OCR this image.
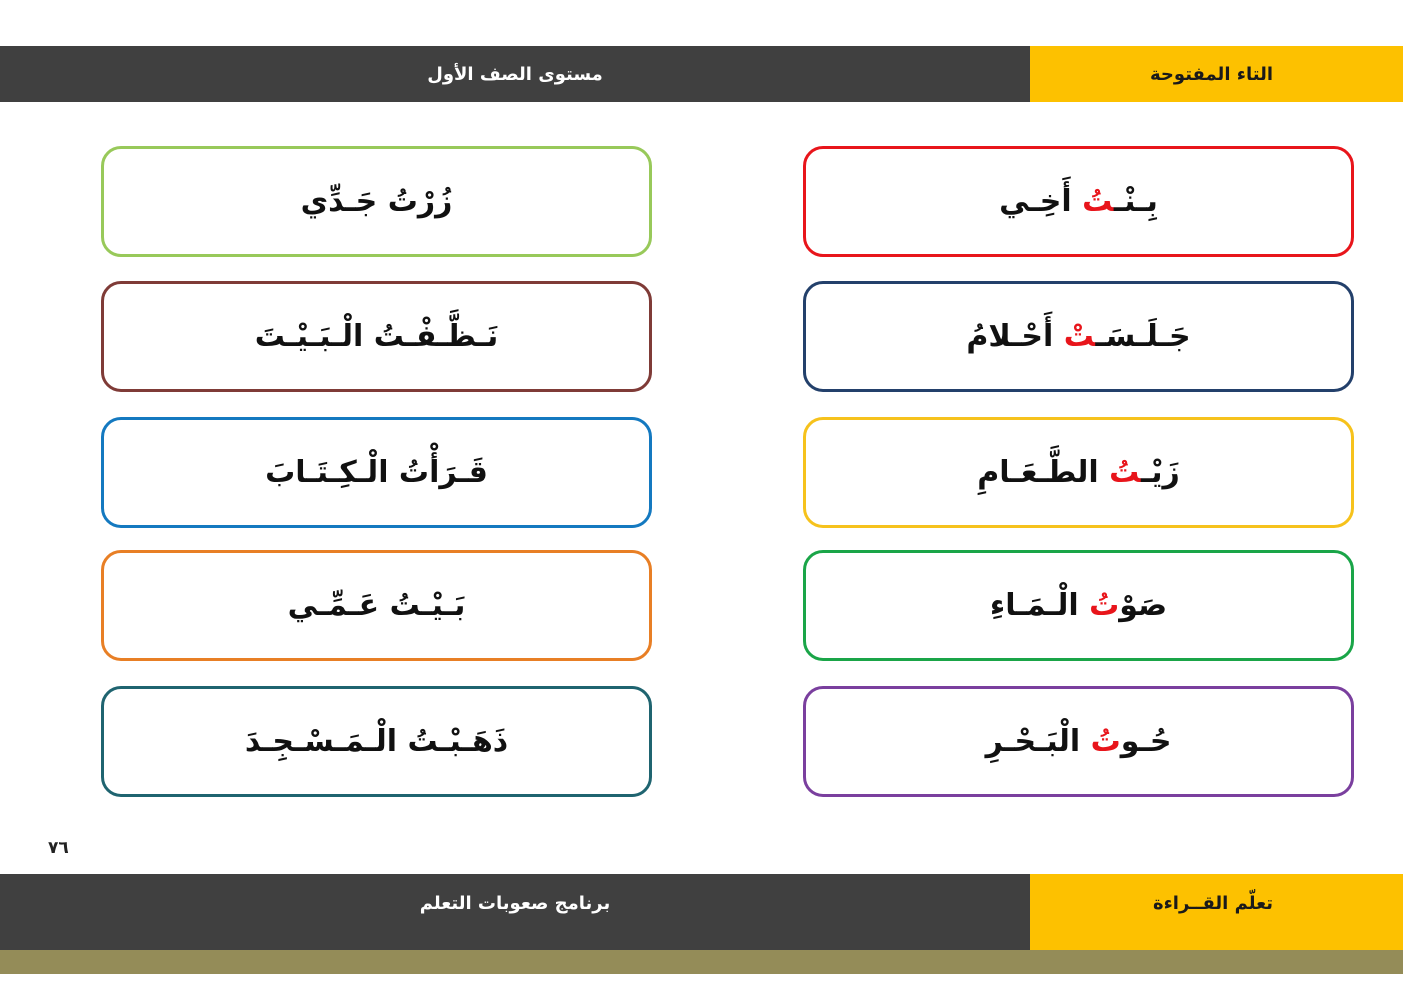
مستوى الصف الأول	التاء المفتوحة
بِـنْـتُ أَخِـي
جَـلَـسَـتْ أَحْـلامُ
زَيْـتُ الطَّـعَـامِ
صَوْتُ الْـمَـاءِ
حُـوتُ الْبَـحْـرِ
زُرْتُ جَـدِّي
نَـظَّـفْـتُ الْـبَـيْـتَ
قَـرَأْتُ الْـكِـتَـابَ
بَـيْـتُ عَـمِّـي
ذَهَـبْـتُ الْـمَـسْـجِـدَ
٧٦
برنامج صعوبات التعلم	تعلّم القــراءة
